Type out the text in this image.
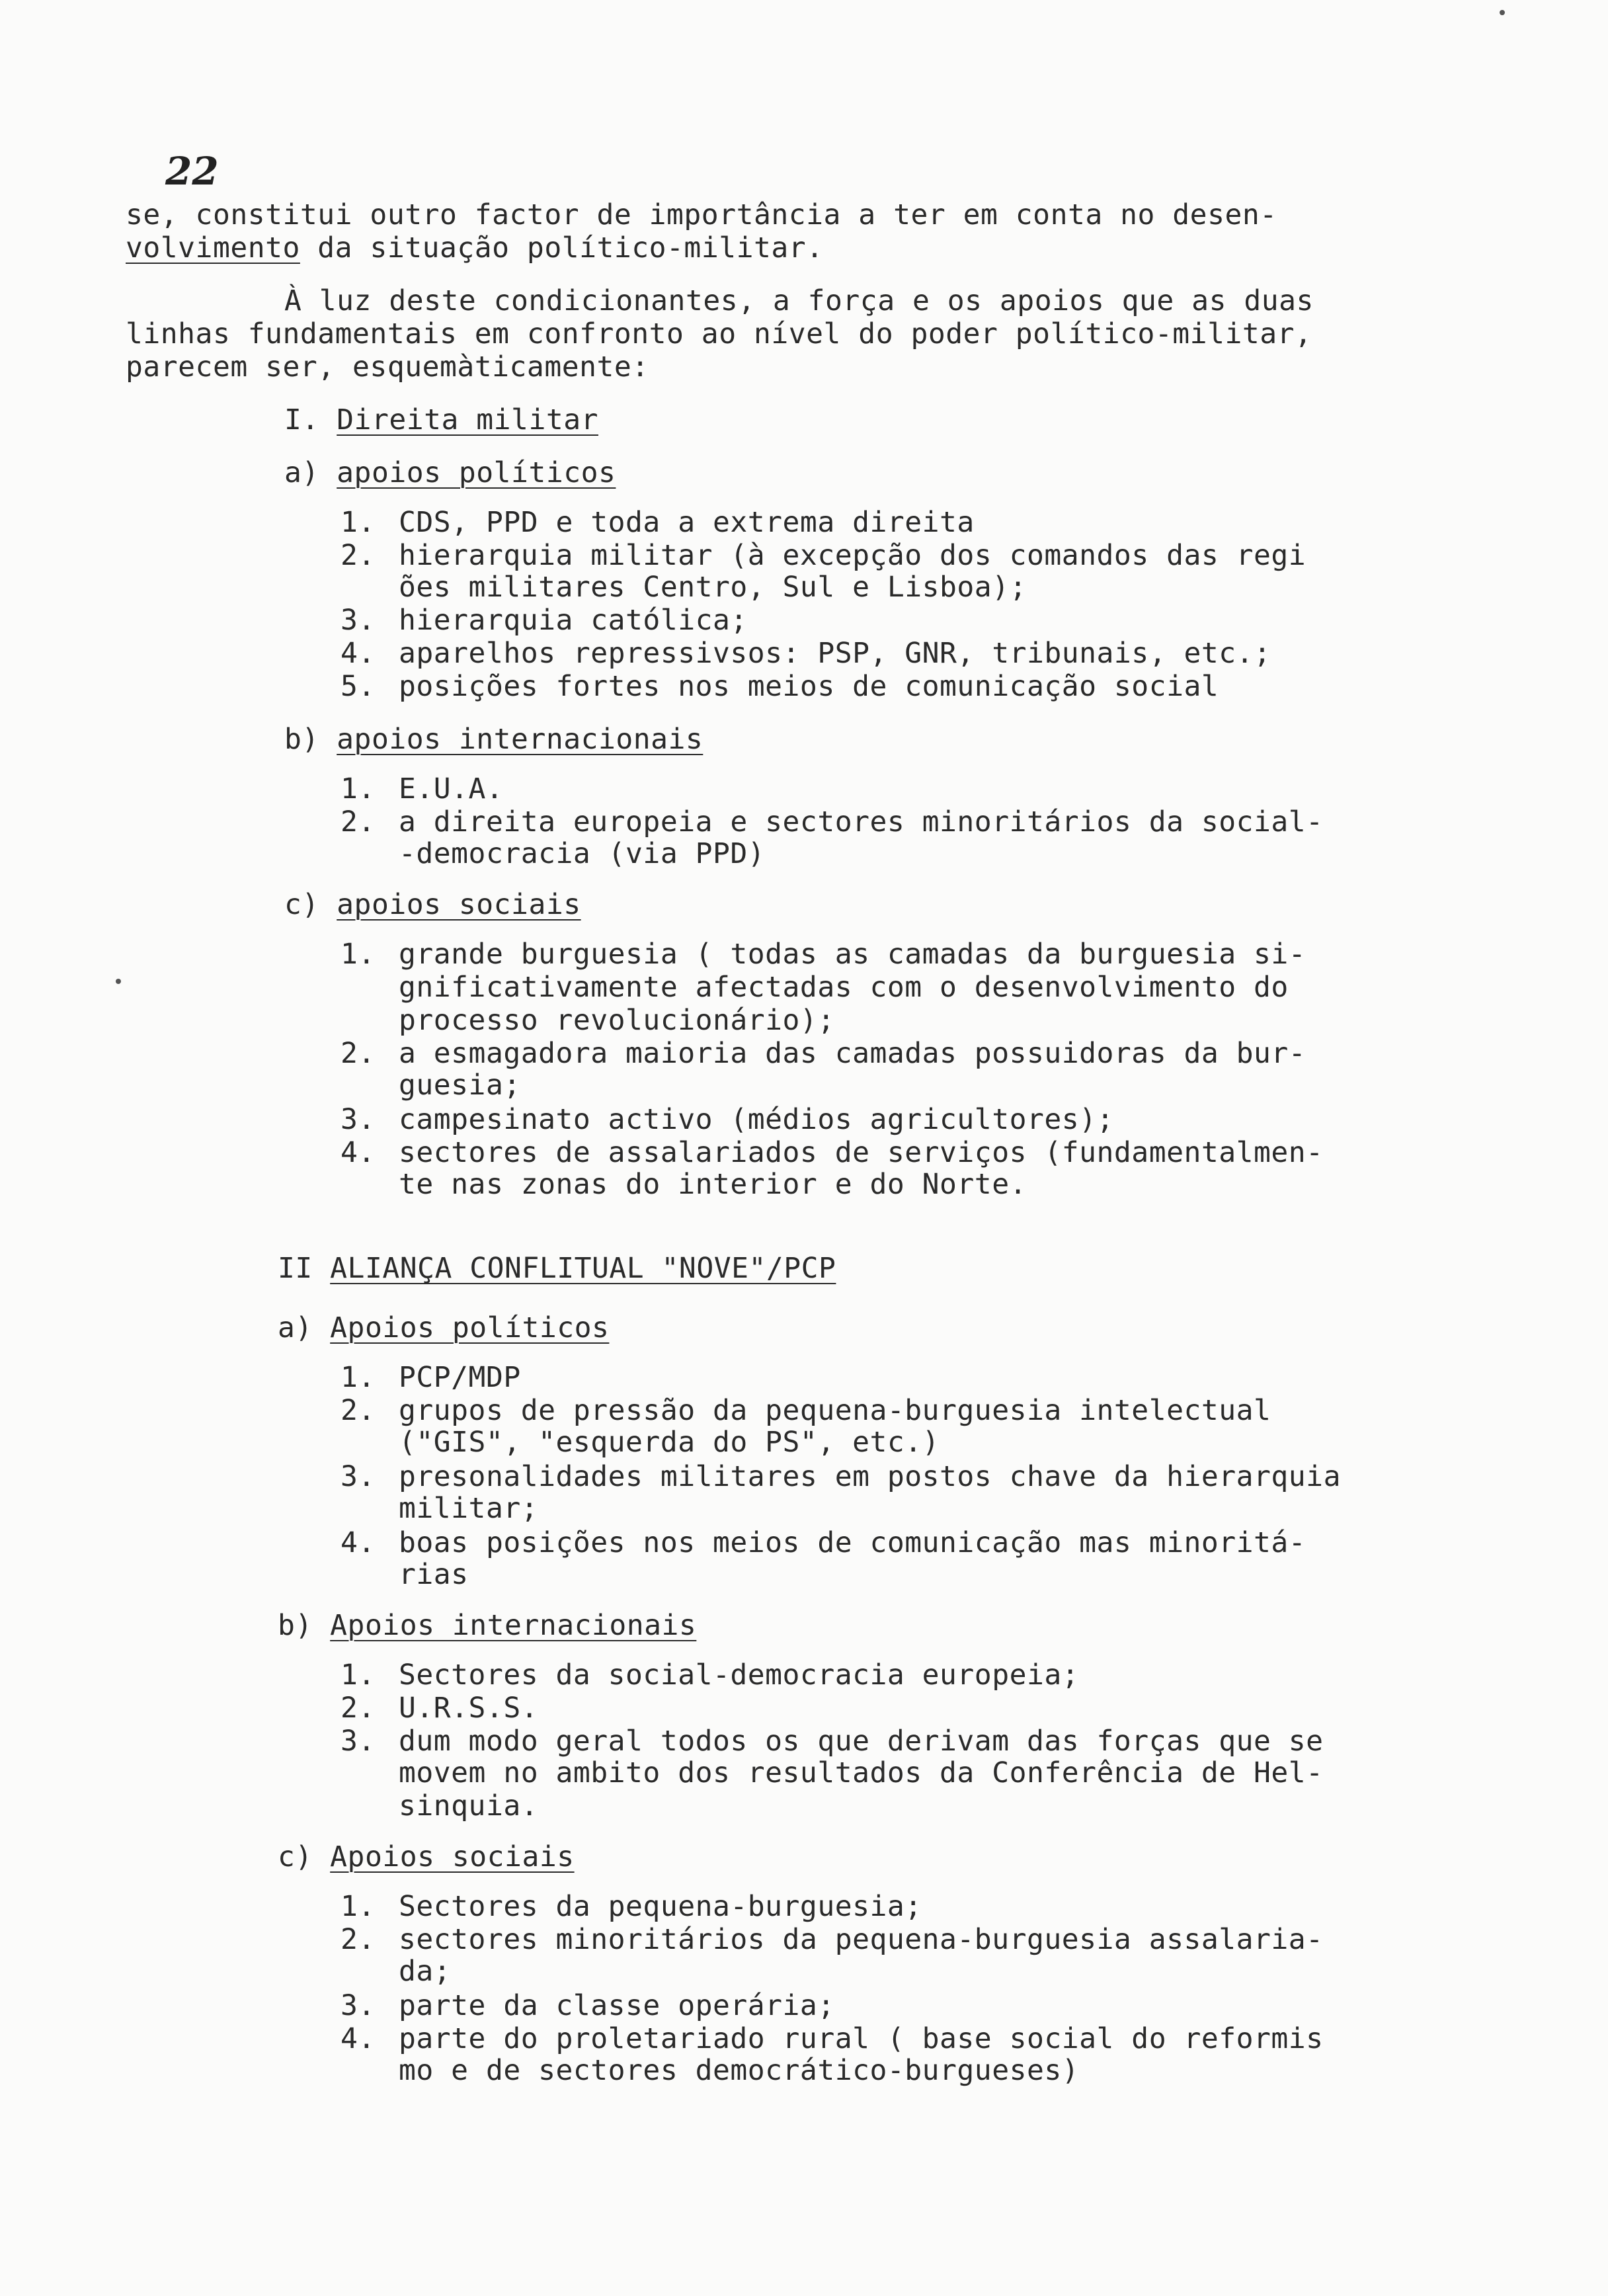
22
se, constitui outro factor de importância a ter em conta no desen-
volvimento da situação político-militar.
À luz deste condicionantes, a força e os apoios que as duas
linhas fundamentais em confronto ao nível do poder político-militar,
parecem ser, esquemàticamente:
I. Direita militar
a) apoios políticos
1. CDS, PPD e toda a extrema direita
2. hierarquia militar (à excepção dos comandos das regi
ões militares Centro, Sul e Lisboa);
3. hierarquia católica;
4. aparelhos repressivsos: PSP, GNR, tribunais, etc.;
5. posições fortes nos meios de comunicação social
b) apoios internacionais
1. E.U.A.
2. a direita europeia e sectores minoritários da social-
-democracia (via PPD)
c) apoios sociais
1. grande burguesia ( todas as camadas da burguesia si-
gnificativamente afectadas com o desenvolvimento do
processo revolucionário);
2. a esmagadora maioria das camadas possuidoras da bur-
guesia;
3. campesinato activo (médios agricultores);
4. sectores de assalariados de serviços (fundamentalmen-
te nas zonas do interior e do Norte.
II ALIANÇA CONFLITUAL "NOVE"/PCP
a) Apoios políticos
1. PCP/MDP
2. grupos de pressão da pequena-burguesia intelectual
("GIS", "esquerda do PS", etc.)
3. presonalidades militares em postos chave da hierarquia
militar;
4. boas posições nos meios de comunicação mas minoritá-
rias
b) Apoios internacionais
1. Sectores da social-democracia europeia;
2. U.R.S.S.
3. dum modo geral todos os que derivam das forças que se
movem no ambito dos resultados da Conferência de Hel-
sinquia.
c) Apoios sociais
1. Sectores da pequena-burguesia;
2. sectores minoritários da pequena-burguesia assalaria-
da;
3. parte da classe operária;
4. parte do proletariado rural ( base social do reformis
mo e de sectores democrático-burgueses)
